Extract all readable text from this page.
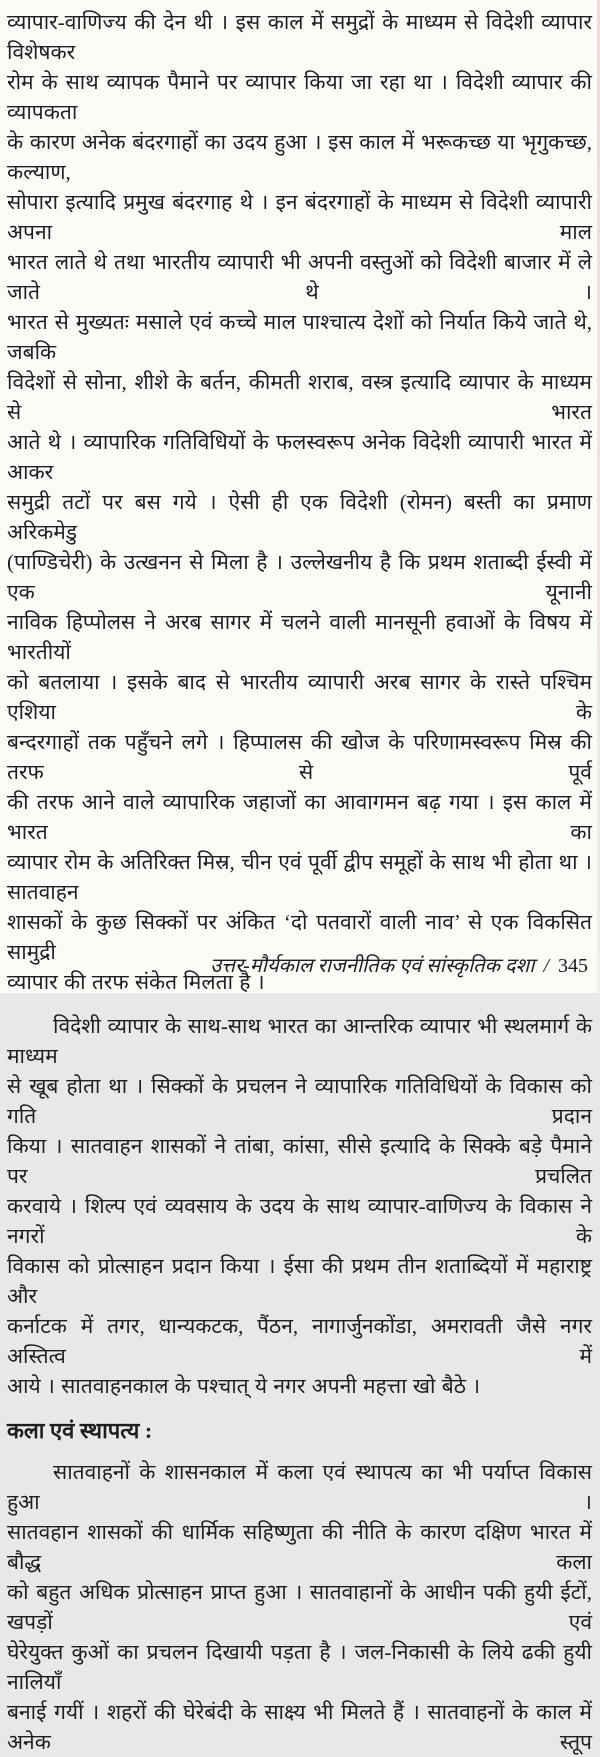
व्यापार-वाणिज्य की देन थी । इस काल में समुद्रों के माध्यम से विदेशी व्यापार विशेषकर
रोम के साथ व्यापक पैमाने पर व्यापार किया जा रहा था । विदेशी व्यापार की व्यापकता
के कारण अनेक बंदरगाहों का उदय हुआ । इस काल में भरूकच्छ या भृगुकच्छ, कल्याण,
सोपारा इत्यादि प्रमुख बंदरगाह थे । इन बंदरगाहों के माध्यम से विदेशी व्यापारी अपना माल
भारत लाते थे तथा भारतीय व्यापारी भी अपनी वस्तुओं को विदेशी बाजार में ले जाते थे ।
भारत से मुख्यतः मसाले एवं कच्चे माल पाश्चात्य देशों को निर्यात किये जाते थे, जबकि
विदेशों से सोना, शीशे के बर्तन, कीमती शराब, वस्त्र इत्यादि व्यापार के माध्यम से भारत
आते थे । व्यापारिक गतिविधियों के फलस्वरूप अनेक विदेशी व्यापारी भारत में आकर
समुद्री तटों पर बस गये । ऐसी ही एक विदेशी (रोमन) बस्ती का प्रमाण अरिकमेडु
(पाण्डिचेरी) के उत्खनन से मिला है । उल्लेखनीय है कि प्रथम शताब्दी ईस्वी में एक यूनानी
नाविक हिप्पोलस ने अरब सागर में चलने वाली मानसूनी हवाओं के विषय में भारतीयों
को बतलाया । इसके बाद से भारतीय व्यापारी अरब सागर के रास्ते पश्चिम एशिया के
बन्दरगाहों तक पहुँचने लगे । हिप्पालस की खोज के परिणामस्वरूप मिस्र की तरफ से पूर्व
की तरफ आने वाले व्यापारिक जहाजों का आवागमन बढ़ गया । इस काल में भारत का
व्यापार रोम के अतिरिक्त मिस्र, चीन एवं पूर्वी द्वीप समूहों के साथ भी होता था । सातवाहन
शासकों के कुछ सिक्कों पर अंकित ‘दो पतवारों वाली नाव’ से एक विकसित सामुद्री
व्यापार की तरफ संकेत मिलता है ।
विदेशी व्यापार के साथ-साथ भारत का आन्तरिक व्यापार भी स्थलमार्ग के माध्यम
से खूब होता था । सिक्कों के प्रचलन ने व्यापारिक गतिविधियों के विकास को गति प्रदान
किया । सातवाहन शासकों ने तांबा, कांसा, सीसे इत्यादि के सिक्के बड़े पैमाने पर प्रचलित
करवाये । शिल्प एवं व्यवसाय के उदय के साथ व्यापार-वाणिज्य के विकास ने नगरों के
विकास को प्रोत्साहन प्रदान किया । ईसा की प्रथम तीन शताब्दियों में महाराष्ट्र और
कर्नाटक में तगर, धान्यकटक, पैंठन, नागार्जुनकोंडा, अमरावती जैसे नगर अस्तित्व में
आये । सातवाहनकाल के पश्चात् ये नगर अपनी महत्ता खो बैठे ।
कला एवं स्थापत्य :
सातवाहनों के शासनकाल में कला एवं स्थापत्य का भी पर्याप्त विकास हुआ ।
सातवहान शासकों की धार्मिक सहिष्णुता की नीति के कारण दक्षिण भारत में बौद्ध कला
को बहुत अधिक प्रोत्साहन प्राप्त हुआ । सातवाहानों के आधीन पकी हुयी ईटों, खपड़ों एवं
घेरेयुक्त कुओं का प्रचलन दिखायी पड़ता है । जल-निकासी के लिये ढकी हुयी नालियाँ
बनाई गयीं । शहरों की घेरेबंदी के साक्ष्य भी मिलते हैं । सातवाहनों के काल में अनेक स्तूप
उत्तर-मौर्यकाल राजनीतिक एवं सांस्कृतिक दशा / 345
